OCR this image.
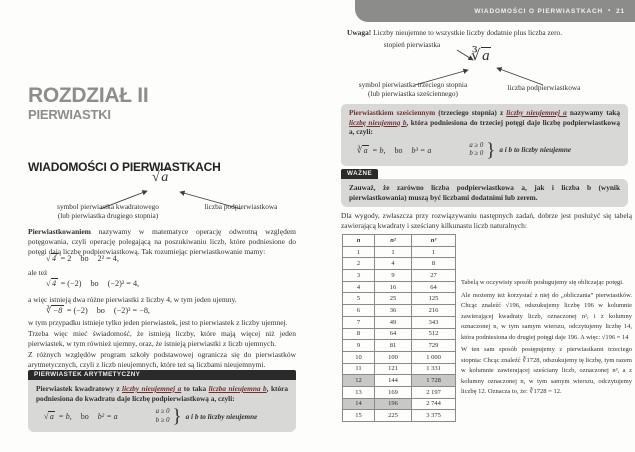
ROZDZIAŁ II
PIERWIASTKI
WIADOMOŚCI O PIERWIASTKACH
√ a
symbol pierwiastka kwadratowego
(lub pierwiastka drugiego stopnia)
liczba podpierwiastkowa

Pierwiastkowaniem nazywamy w matematyce operację odwrotną względem potęgowania, czyli operację polegającą na poszukiwaniu liczb, które podniesione do potęgi dają liczbę podpierwiastkową. Tak rozumiejąc pierwiastkowanie mamy:

√ 4 = 2 bo 2² = 4,

ale też

√ 4 = (−2) bo (−2)² = 4,

a więc istnieją dwa różne pierwiastki z liczby 4, w tym jeden ujemny.

∛ −8 = (−2) bo (−2)³ = −8,

w tym przypadku istnieje tylko jeden pierwiastek, jest to pierwiastek z liczby ujemnej.

Trzeba więc mieć świadomość, że istnieją liczby, które mają więcej niż jeden pierwiastek, w tym również ujemny, oraz, że istnieją pierwiastki z liczb ujemnych.

Z różnych względów program szkoły podstawowej ogranicza się do pierwiastków arytmetycznych, czyli z liczb nieujemnych, które też są liczbami nieujemnymi.

PIERWIASTEK ARYTMETYCZNY

Pierwiastek kwadratowy z liczby nieujemnej a to taka liczba nieujemna b, która podniesiona do kwadratu daje liczbę podpierwiastkową a, czyli:

√ a = b, bo b² = a
a ≥ 0
b ≥ 0 } a i b to liczby nieujemne
WIADOMOŚCI O PIERWIASTKACH • 21

Uwaga! Liczby nieujemne to wszystkie liczby dodatnie plus liczba zero.

stopień pierwiastka
∛ a
symbol pierwiastka trzeciego stopnia
(lub pierwiastka sześciennego)
liczba podpierwiastkowa

Pierwiastkiem sześciennym (trzeciego stopnia) z liczby nieujemnej a nazywamy taką liczbę nieujemną b, która podniesiona do trzeciej potęgi daje liczbę podpierwiastkową a, czyli:

∛ a = b, bo b³ = a
a ≥ 0
b ≥ 0 } a i b to liczby nieujemne
WAŻNE

Zauważ, że zarówno liczba podpierwiastkowa a, jak i liczba b (wynik pierwiastkowania) muszą być liczbami dodatnimi lub zerem.

Dla wygody, zwłaszcza przy rozwiązywaniu następnych zadań, dobrze jest posłużyć się tabelą zawierającą kwadraty i sześciany kilkunastu liczb naturalnych:

n	n²	n³
1	1	1
2	4	8
3	9	27
4	16	64
5	25	125
6	36	216
7	49	343
8	64	512
9	81	729
10	100	1 000
11	121	1 331
12	144	1 728
13	169	2 197
14	196	2 744
15	225	3 375

Tabelą w oczywisty sposób posługujemy się obliczając potęgi.

Ale możemy też korzystać z niej do „obliczania” pierwiastków. Chcąc znaleźć √196, odszukujemy liczbę 196 w kolumnie zawierającej kwadraty liczb, oznaczonej n², i z kolumny oznaczonej n, w tym samym wierszu, odczytujemy liczbę 14, która podniesiona do drugiej potęgi daje 196. A więc: √196 = 14

W ten sam sposób postępujemy z pierwiastkami trzeciego stopnia: Chcąc znaleźć ∛1728, odszukujemy tę liczbę, tym razem w kolumnie zawierającej sześciany liczb, oznaczonej n³, a z kolumny oznaczonej n, w tym samym wierszu, odczytujemy liczbę 12. Oznacza to, że: ∛1728 = 12.
